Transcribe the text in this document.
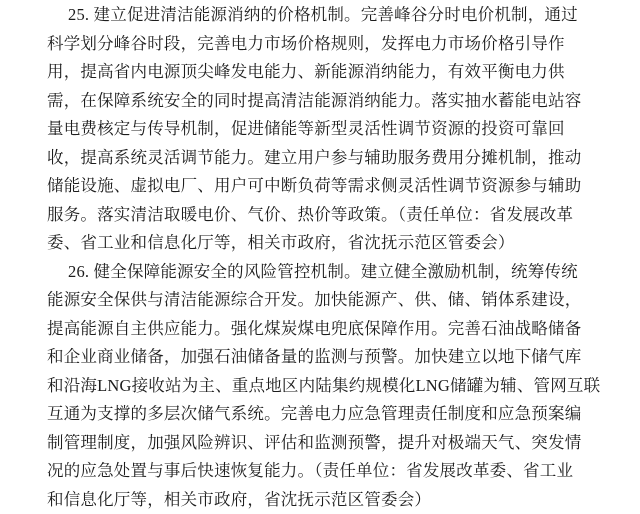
25. 建立促进清洁能源消纳的价格机制。完善峰谷分时电价机制，通过

科学划分峰谷时段，完善电力市场价格规则，发挥电力市场价格引导作

用，提高省内电源顶尖峰发电能力、新能源消纳能力，有效平衡电力供

需，在保障系统安全的同时提高清洁能源消纳能力。落实抽水蓄能电站容

量电费核定与传导机制，促进储能等新型灵活性调节资源的投资可靠回

收，提高系统灵活调节能力。建立用户参与辅助服务费用分摊机制，推动

储能设施、虚拟电厂、用户可中断负荷等需求侧灵活性调节资源参与辅助

服务。落实清洁取暖电价、气价、热价等政策。（责任单位：省发展改革

委、省工业和信息化厅等，相关市政府，省沈抚示范区管委会）

26. 健全保障能源安全的风险管控机制。建立健全激励机制，统筹传统

能源安全保供与清洁能源综合开发。加快能源产、供、储、销体系建设，

提高能源自主供应能力。强化煤炭煤电兜底保障作用。完善石油战略储备

和企业商业储备，加强石油储备量的监测与预警。加快建立以地下储气库

和沿海LNG接收站为主、重点地区内陆集约规模化LNG储罐为辅、管网互联

互通为支撑的多层次储气系统。完善电力应急管理责任制度和应急预案编

制管理制度，加强风险辨识、评估和监测预警，提升对极端天气、突发情

况的应急处置与事后快速恢复能力。（责任单位：省发展改革委、省工业

和信息化厅等，相关市政府，省沈抚示范区管委会）
